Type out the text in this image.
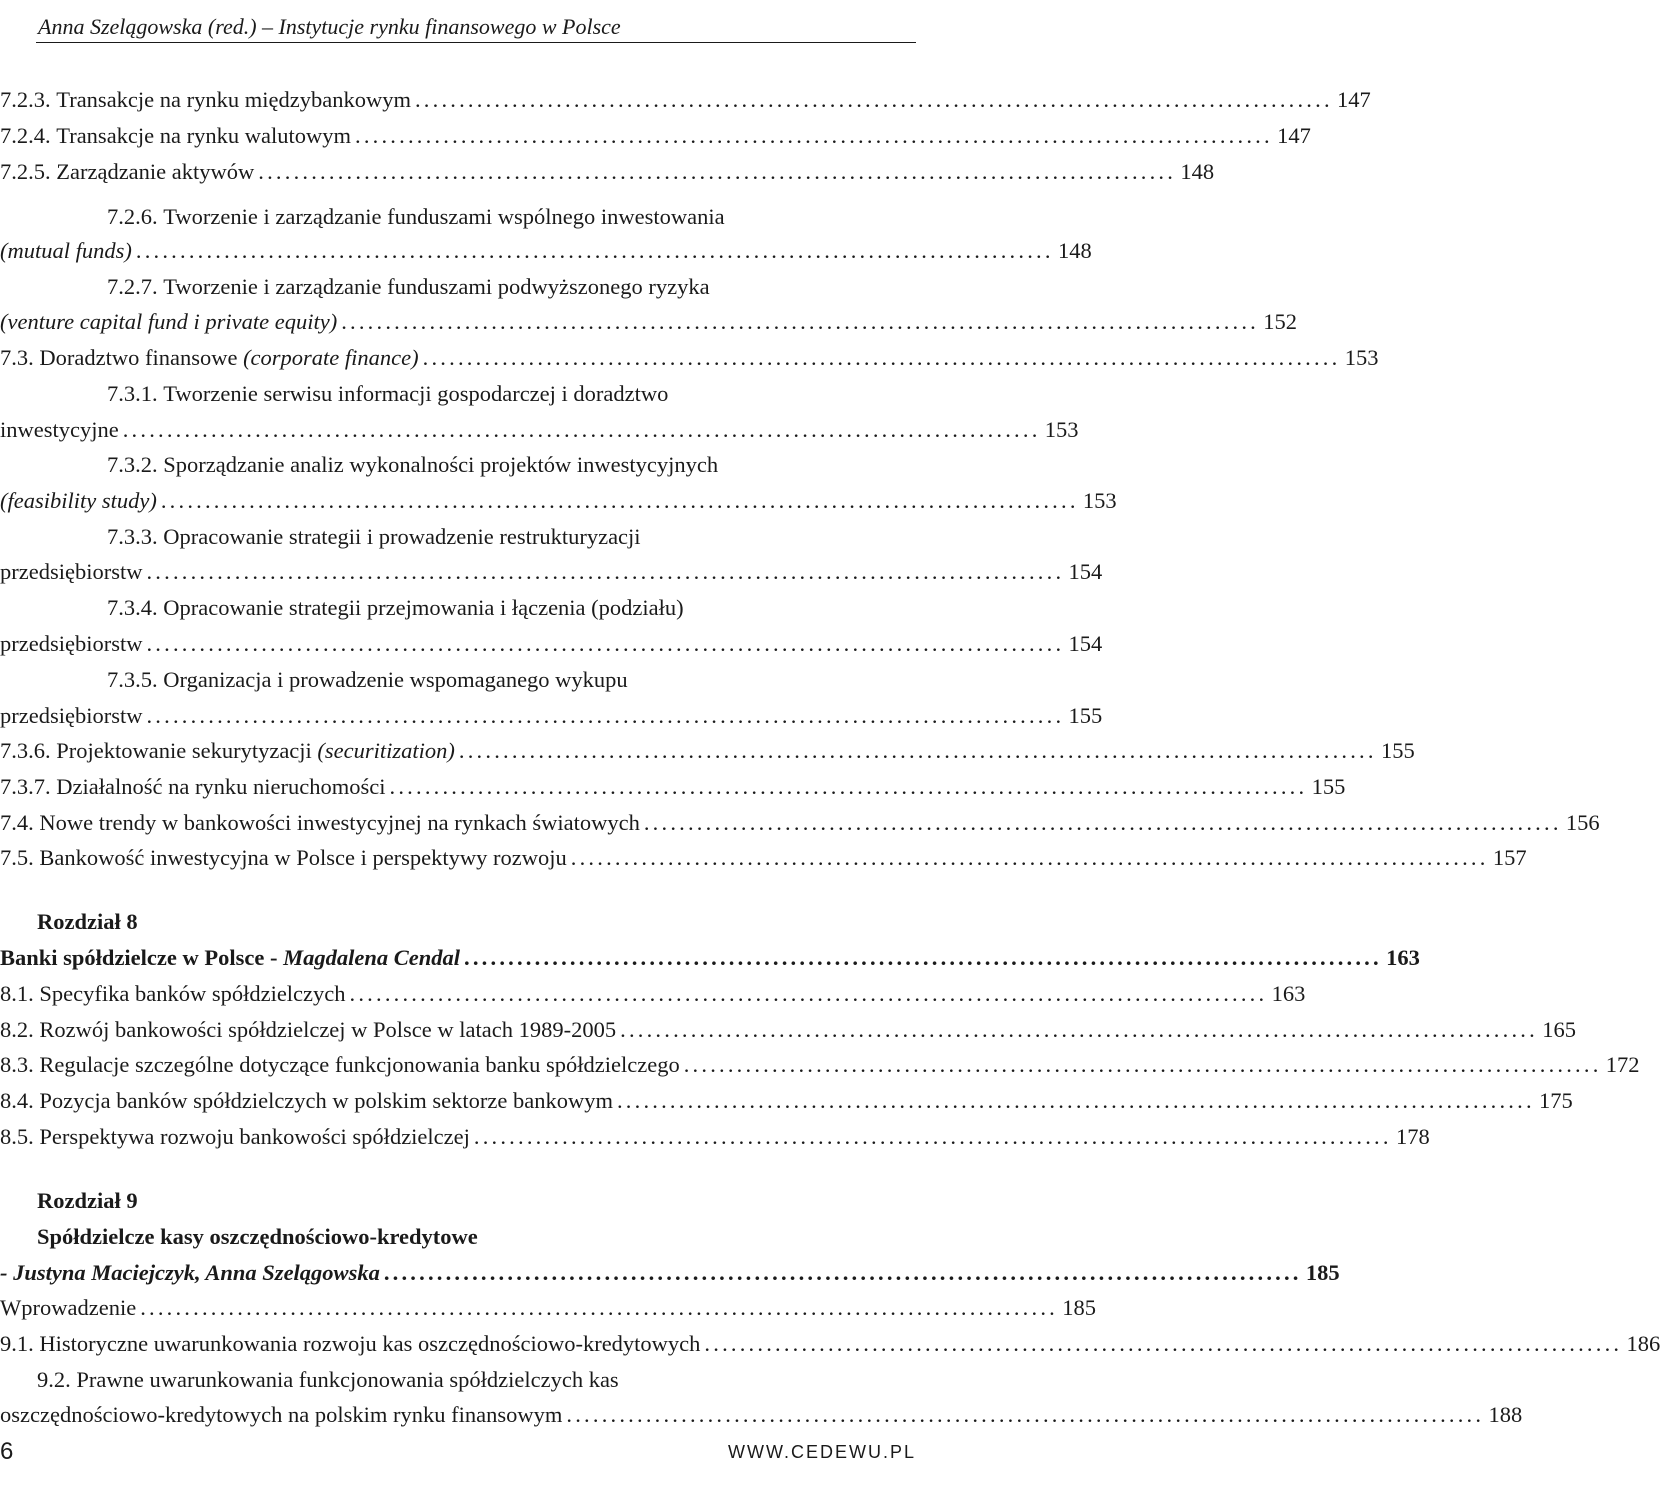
Anna Szelągowska (red.) – Instytucje rynku finansowego w Polsce
7.2.3.
Transakcje na rynku międzybankowym ........................................................................................................ 147
7.2.4.
Transakcje na rynku walutowym ........................................................................................................ 147
7.2.5.
Zarządzanie aktywów ........................................................................................................ 148
7.2.6.
Tworzenie i zarządzanie funduszami wspólnego inwestowania
(mutual funds) ........................................................................................................ 148
7.2.7.
Tworzenie i zarządzanie funduszami podwyższonego ryzyka
(venture capital fund i private equity) ........................................................................................................ 152
7.3.
Doradztwo finansowe
(corporate finance) ........................................................................................................ 153
7.3.1.
Tworzenie serwisu informacji gospodarczej i doradztwo
inwestycyjne ........................................................................................................ 153
7.3.2.
Sporządzanie analiz wykonalności projektów inwestycyjnych
(feasibility study) ........................................................................................................ 153
7.3.3.
Opracowanie strategii i prowadzenie restrukturyzacji
przedsiębiorstw ........................................................................................................ 154
7.3.4.
Opracowanie strategii przejmowania i łączenia (podziału)
przedsiębiorstw ........................................................................................................ 154
7.3.5.
Organizacja i prowadzenie wspomaganego wykupu
przedsiębiorstw ........................................................................................................ 155
7.3.6.
Projektowanie sekurytyzacji
(securitization) ........................................................................................................ 155
7.3.7.
Działalność na rynku nieruchomości ........................................................................................................ 155
7.4.
Nowe trendy w bankowości inwestycyjnej na rynkach światowych ........................................................................................................ 156
7.5.
Bankowość inwestycyjna w Polsce i perspektywy rozwoju ........................................................................................................ 157
Rozdział 8
Banki spółdzielcze w Polsce -
Magdalena Cendal ........................................................................................................ 163
8.1.
Specyfika banków spółdzielczych ........................................................................................................ 163
8.2.
Rozwój bankowości spółdzielczej w Polsce w latach 1989-2005 ........................................................................................................ 165
8.3.
Regulacje szczególne dotyczące funkcjonowania banku spółdzielczego ........................................................................................................ 172
8.4.
Pozycja banków spółdzielczych w polskim sektorze bankowym ........................................................................................................ 175
8.5.
Perspektywa rozwoju bankowości spółdzielczej ........................................................................................................ 178
Rozdział 9
Spółdzielcze kasy oszczędnościowo-kredytowe
- Justyna Maciejczyk, Anna Szelągowska ........................................................................................................ 185
Wprowadzenie ........................................................................................................ 185
9.1.
Historyczne uwarunkowania rozwoju kas oszczędnościowo-kredytowych ........................................................................................................ 186
9.2.
Prawne uwarunkowania funkcjonowania spółdzielczych kas
oszczędnościowo-kredytowych na polskim rynku finansowym ........................................................................................................ 188
6	WWW.CEDEWU.PL
